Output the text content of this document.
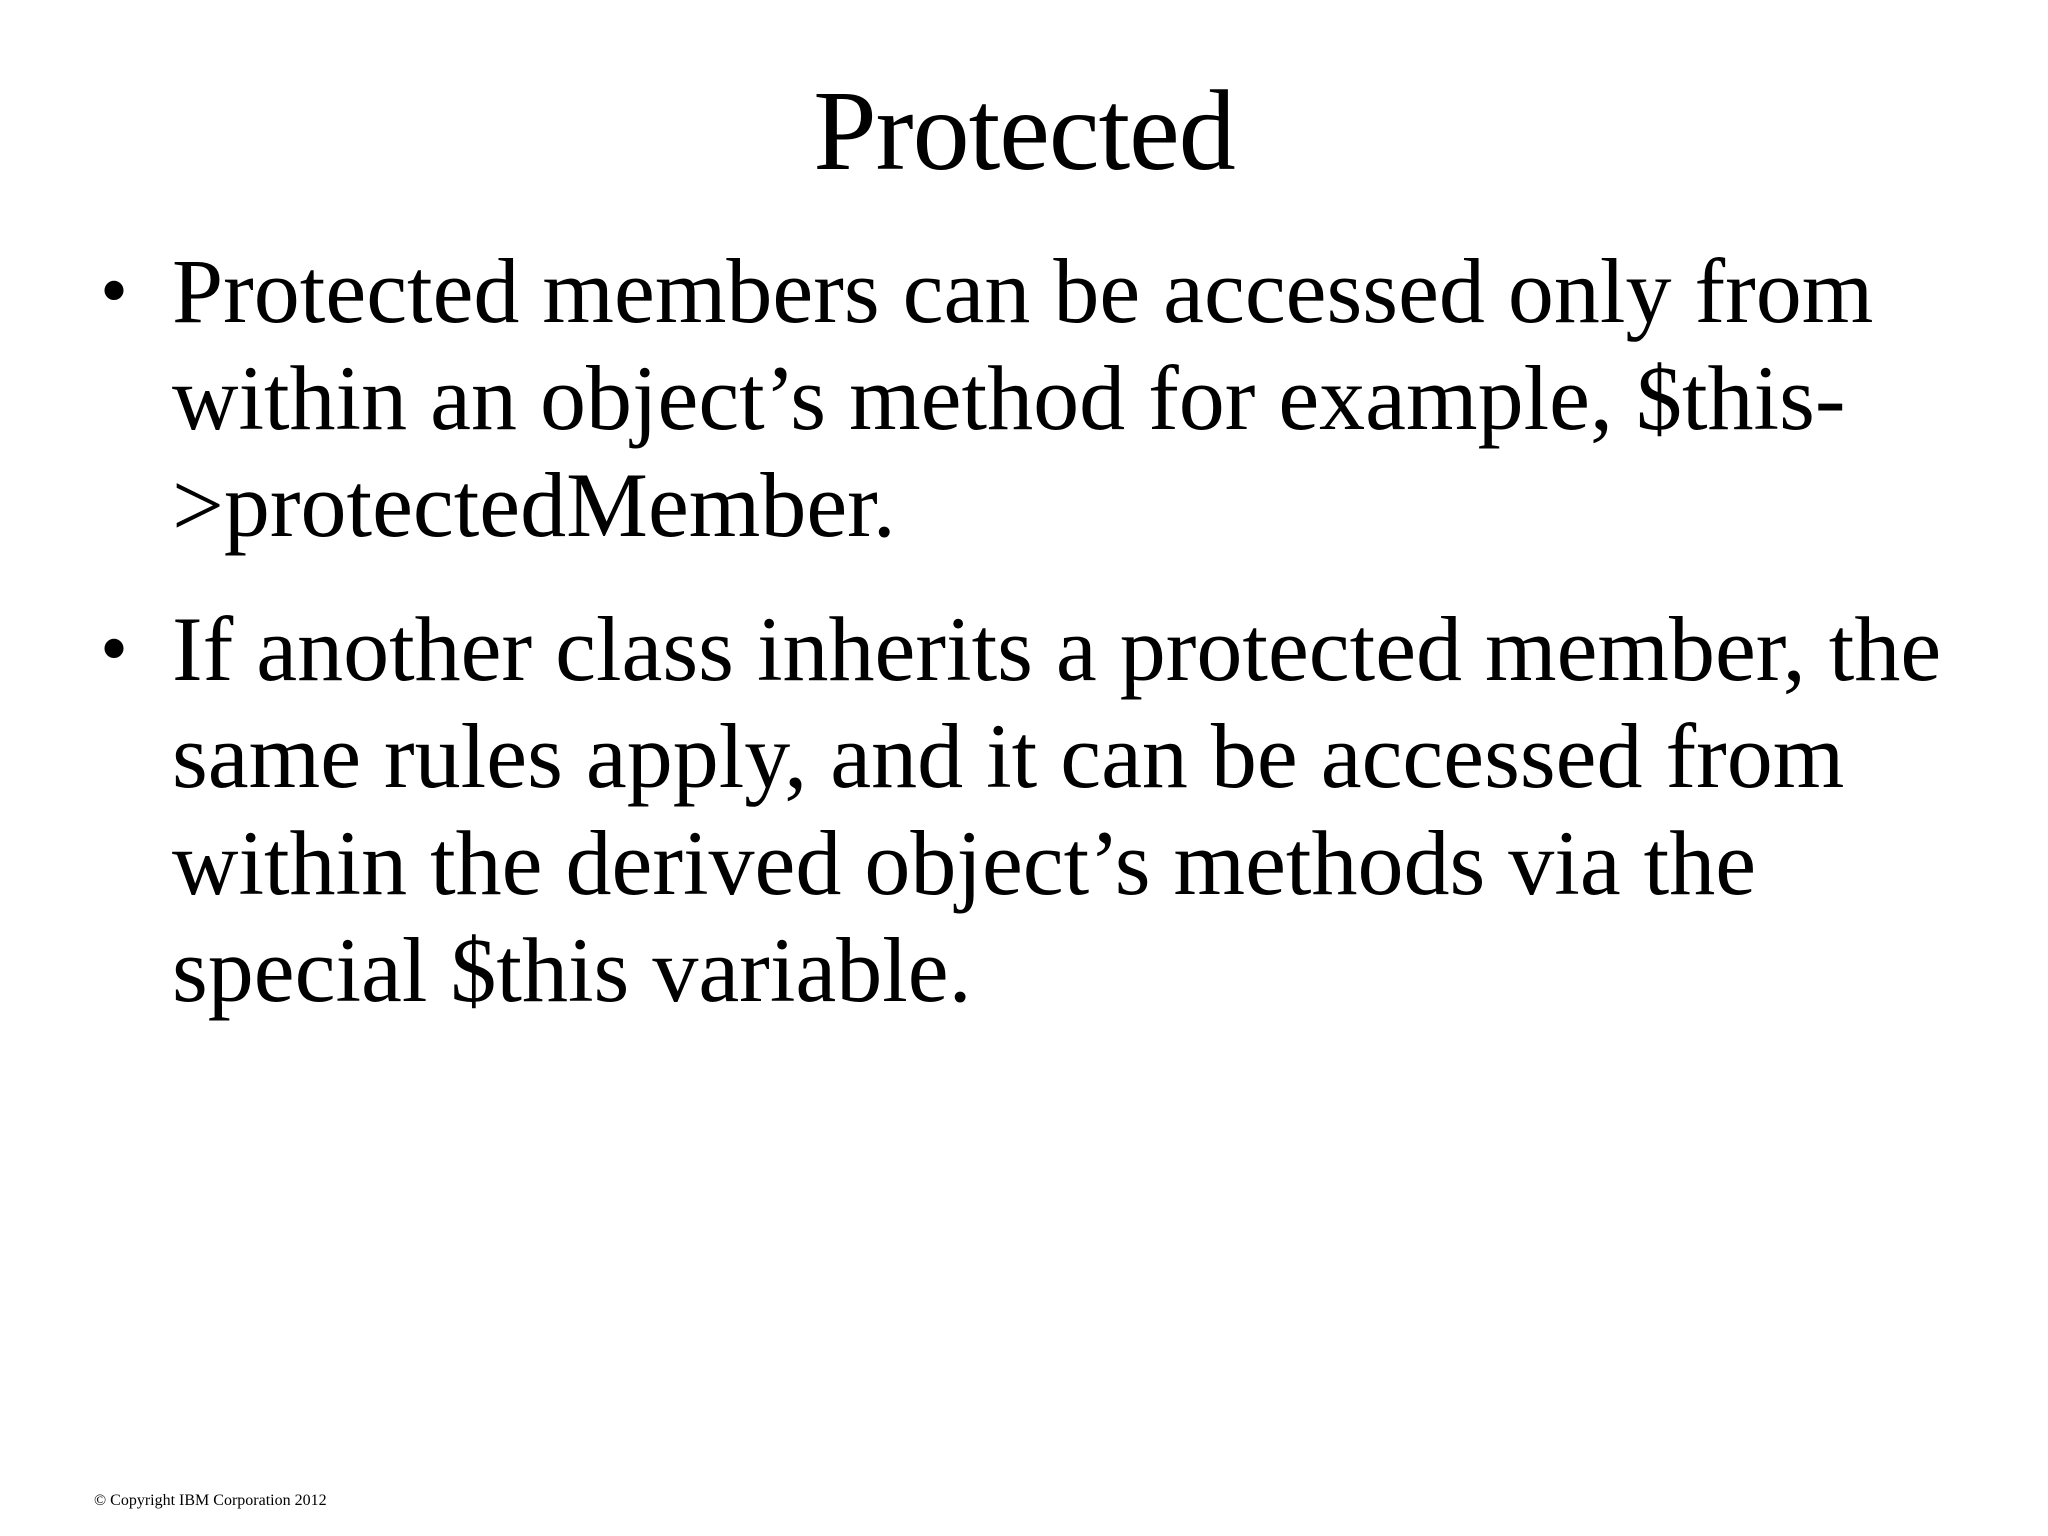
Protected
• Protected members can be accessed only from within an object’s method for example, $this->protectedMember.
• If another class inherits a protected member, the same rules apply, and it can be accessed from within the derived object’s methods via the special $this variable.
© Copyright IBM Corporation 2012
